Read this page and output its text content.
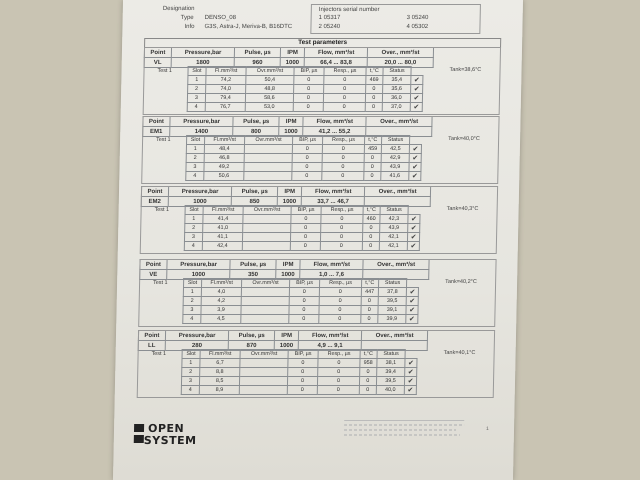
Designation
Type DENSO_08
Info G3S, Astra-J, Meriva-B, B16DTC
Injectors serial number
1 05317
2 05240
3 05240
4 05302
Test parameters
Point	Pressure,bar	Pulse, µs	IPM	Flow, mm³/st	Over., mm³/st
VL	1800	960	1000	66,4 ... 83,8	20,0 ... 80,0
Tank=38,6°C
Test 1	Slot	Fl.mm³/st	Ovr.mm³/st	BIP, µs	Resp., µs	t,°C	Status	
1	74,2	50,4	0	0	469	35,4	✔
2	74,0	48,8	0	0	0	35,6	✔
3	79,4	58,6	0	0	0	36,0	✔
4	76,7	53,0	0	0	0	37,0	✔
Point	Pressure,bar	Pulse, µs	IPM	Flow, mm³/st	Over., mm³/st
EM1	1400	800	1000	41,2 ... 55,2	
Tank=40,0°C
Test 1	Slot	Fl.mm³/st	Ovr.mm³/st	BIP, µs	Resp., µs	t,°C	Status	
1	48,4		0	0	459	42,5	✔
2	46,8		0	0	0	42,9	✔
3	49,2		0	0	0	43,9	✔
4	50,6		0	0	0	41,6	✔
Point	Pressure,bar	Pulse, µs	IPM	Flow, mm³/st	Over., mm³/st
EM2	1000	850	1000	33,7 ... 46,7	
Tank=40,3°C
Test 1	Slot	Fl.mm³/st	Ovr.mm³/st	BIP, µs	Resp., µs	t,°C	Status	
1	41,4		0	0	460	42,3	✔
2	41,0		0	0	0	43,9	✔
3	41,1		0	0	0	42,1	✔
4	42,4		0	0	0	42,1	✔
Point	Pressure,bar	Pulse, µs	IPM	Flow, mm³/st	Over., mm³/st
VE	1000	350	1000	1,0 ... 7,6	
Tank=40,2°C
Test 1	Slot	Fl.mm³/st	Ovr.mm³/st	BIP, µs	Resp., µs	t,°C	Status	
1	4,0		0	0	447	37,8	✔
2	4,2		0	0	0	39,5	✔
3	3,9		0	0	0	39,1	✔
4	4,5		0	0	0	39,9	✔
Point	Pressure,bar	Pulse, µs	IPM	Flow, mm³/st	Over., mm³/st
LL	280	870	1000	4,9 ... 9,1	
Tank=40,1°C
Test 1	Slot	Fl.mm³/st	Ovr.mm³/st	BIP, µs	Resp., µs	t,°C	Status	
1	6,7		0	0	958	38,1	✔
2	8,8		0	0	0	39,4	✔
3	8,5		0	0	0	39,5	✔
4	8,9		0	0	0	40,0	✔
OPEN
SYSTEM
1
